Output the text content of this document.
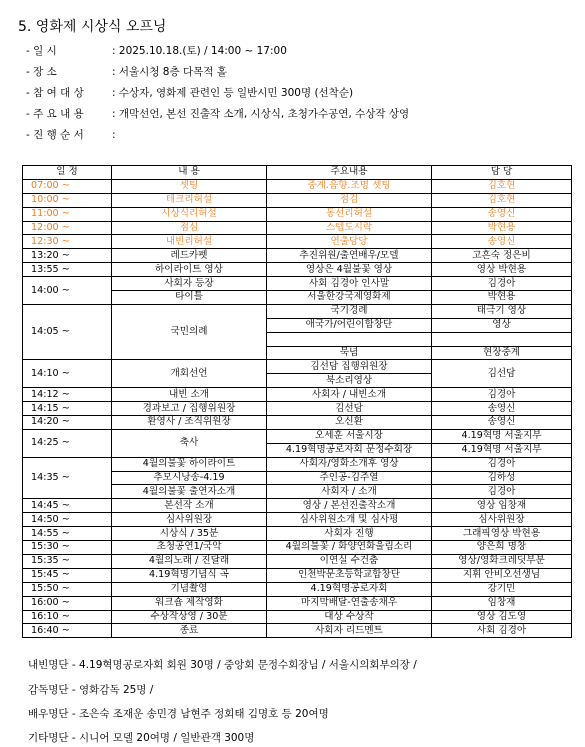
5. 영화제 시상식 오프닝
- 일 시	: 2025.10.18.(토) / 14:00 ~ 17:00
- 장 소	: 서울시청 8층 다목적 홀
- 참 여 대 상	: 수상자, 영화제 관련인 등 일반시민 300명 (선착순)
- 주 요 내 용	: 개막선언, 본선 진출작 소개, 시상식, 초청가수공연, 수상작 상영
- 진 행 순 서	:
일 정	내 용	주요내용	담 당
07:00 ~	셋팅	중계.음향.조명 셋팅	김호현
10:00 ~	테크리허설	점검	김호현
11:00 ~	시상식리허설	동선리허설	송영신
12:00 ~	점심	스텝도시락	박현용
12:30 ~	내빈리허설	연출담당	송영신
13:20 ~	레드카펫	추진위원/출연배우/모델	고흔숙 정은비
13:55 ~	하이라이트 영상	영상은 4월불꽃 영상	영상 박현용
14:00 ~	사회자 등장	사회 김경아 인사말	김경아
	타이틀	서울한강국제영화제	박현용
14:05 ~	국민의례	국기경례	태극기 영상
		애국가/어린이합창단	영상

		묵념	현장중계
14:10 ~	개회선언	김선담 집행위원장	김선담
		북소리영상	
14:12 ~	내빈 소개	사회자 / 내빈소개	김경아
14:15 ~	경과보고 / 집행위원장	김선담	송영신
14:20 ~	환영사 / 조직위원장	오신환	송영신
14:25 ~	축사	오세훈 서울시장	4.19혁명 서울지부
		4.19혁명공로자회 문정수회장	4.19혁명 서울지부
14:35 ~	4월의불꽃 하이라이트	사회자/영화소개후 영상	김경아
	추모시낭송-4.19	주인공-김주열	김하성
	4월의불꽃 출연자소개	사회자 / 소개	김경아
14:45 ~	본선작 소개	영상 / 본선진출작소개	영상 임창재
14:50 ~	심사위원장	심사위원소개 및 심사평	심사위원장
14:55 ~	시상식 / 35분	사회자 진행	그래픽영상 박현용
15:30 ~	초청공연1/국악	4월의불꽃 / 화양연화울림소리	양은희 명창
15:35 ~	4월의노래 / 진달래	이연실 수건춤	영상/영화크레딧부분
15:45 ~	4.19혁명기념식 곡	인천박문초등학교합창단	지휘 안비오선생님
15:50 ~	기념촬영	4.19혁명공로자회	강기민
16:00 ~	워크숍 제작영화	마지막배달-연출송채우	임창재
16:10 ~	수상작상영 / 30분	대상 수상작	영상 김도영
16:40 ~	종료	사회자 리드멘트	사회 김경아
내빈명단 - 4.19혁명공로자회 회원 30명 / 중앙회 문정수회장님 / 서울시의회부의장 /
감독명단 - 영화감독 25명 /
배우명단 - 조은숙 조재운 송민경 남현주 정회태 김명호 등 20여명
기타명단 - 시니어 모델 20여명 / 일반관객 300명
